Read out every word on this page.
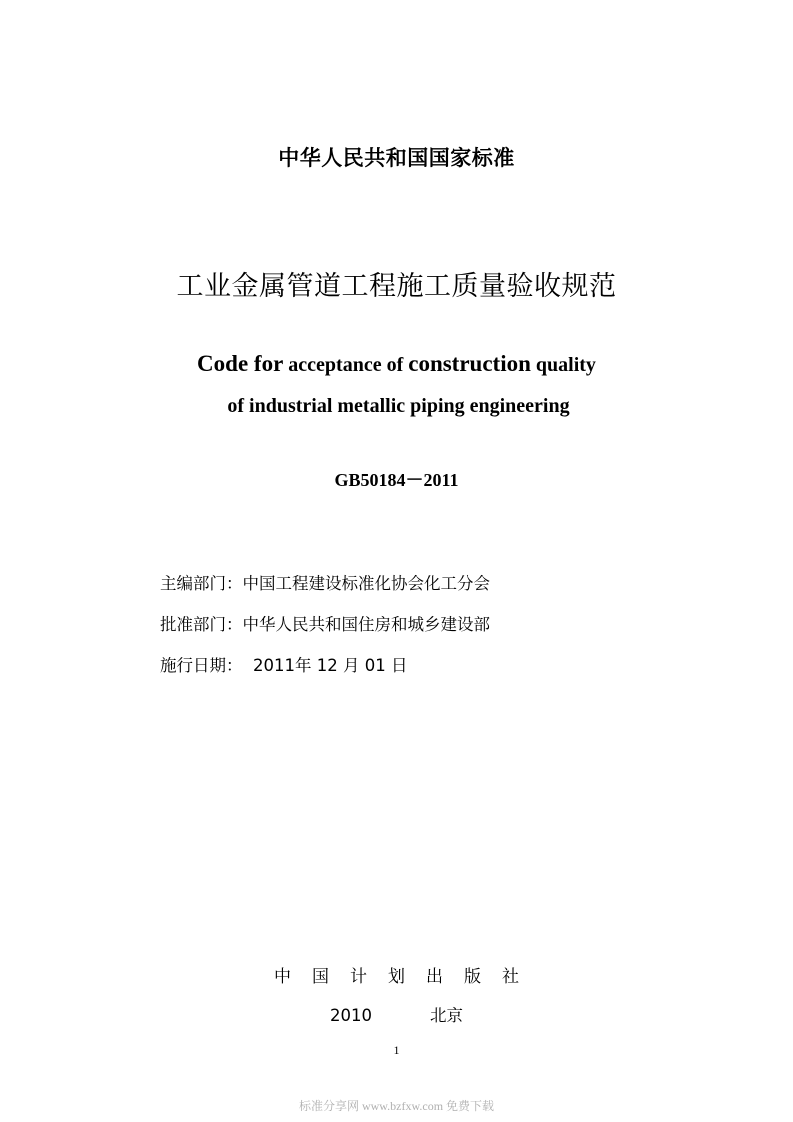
中华人民共和国国家标准
工业金属管道工程施工质量验收规范
Code for acceptance of construction quality
of industrial metallic piping engineering
GB50184－2011
主编部门：中国工程建设标准化协会化工分会
批准部门：中华人民共和国住房和城乡建设部
施行日期： 2011年 12 月 01 日
中 国 计 划 出 版 社
2010	北京
1
标准分享网 www.bzfxw.com 免费下载
